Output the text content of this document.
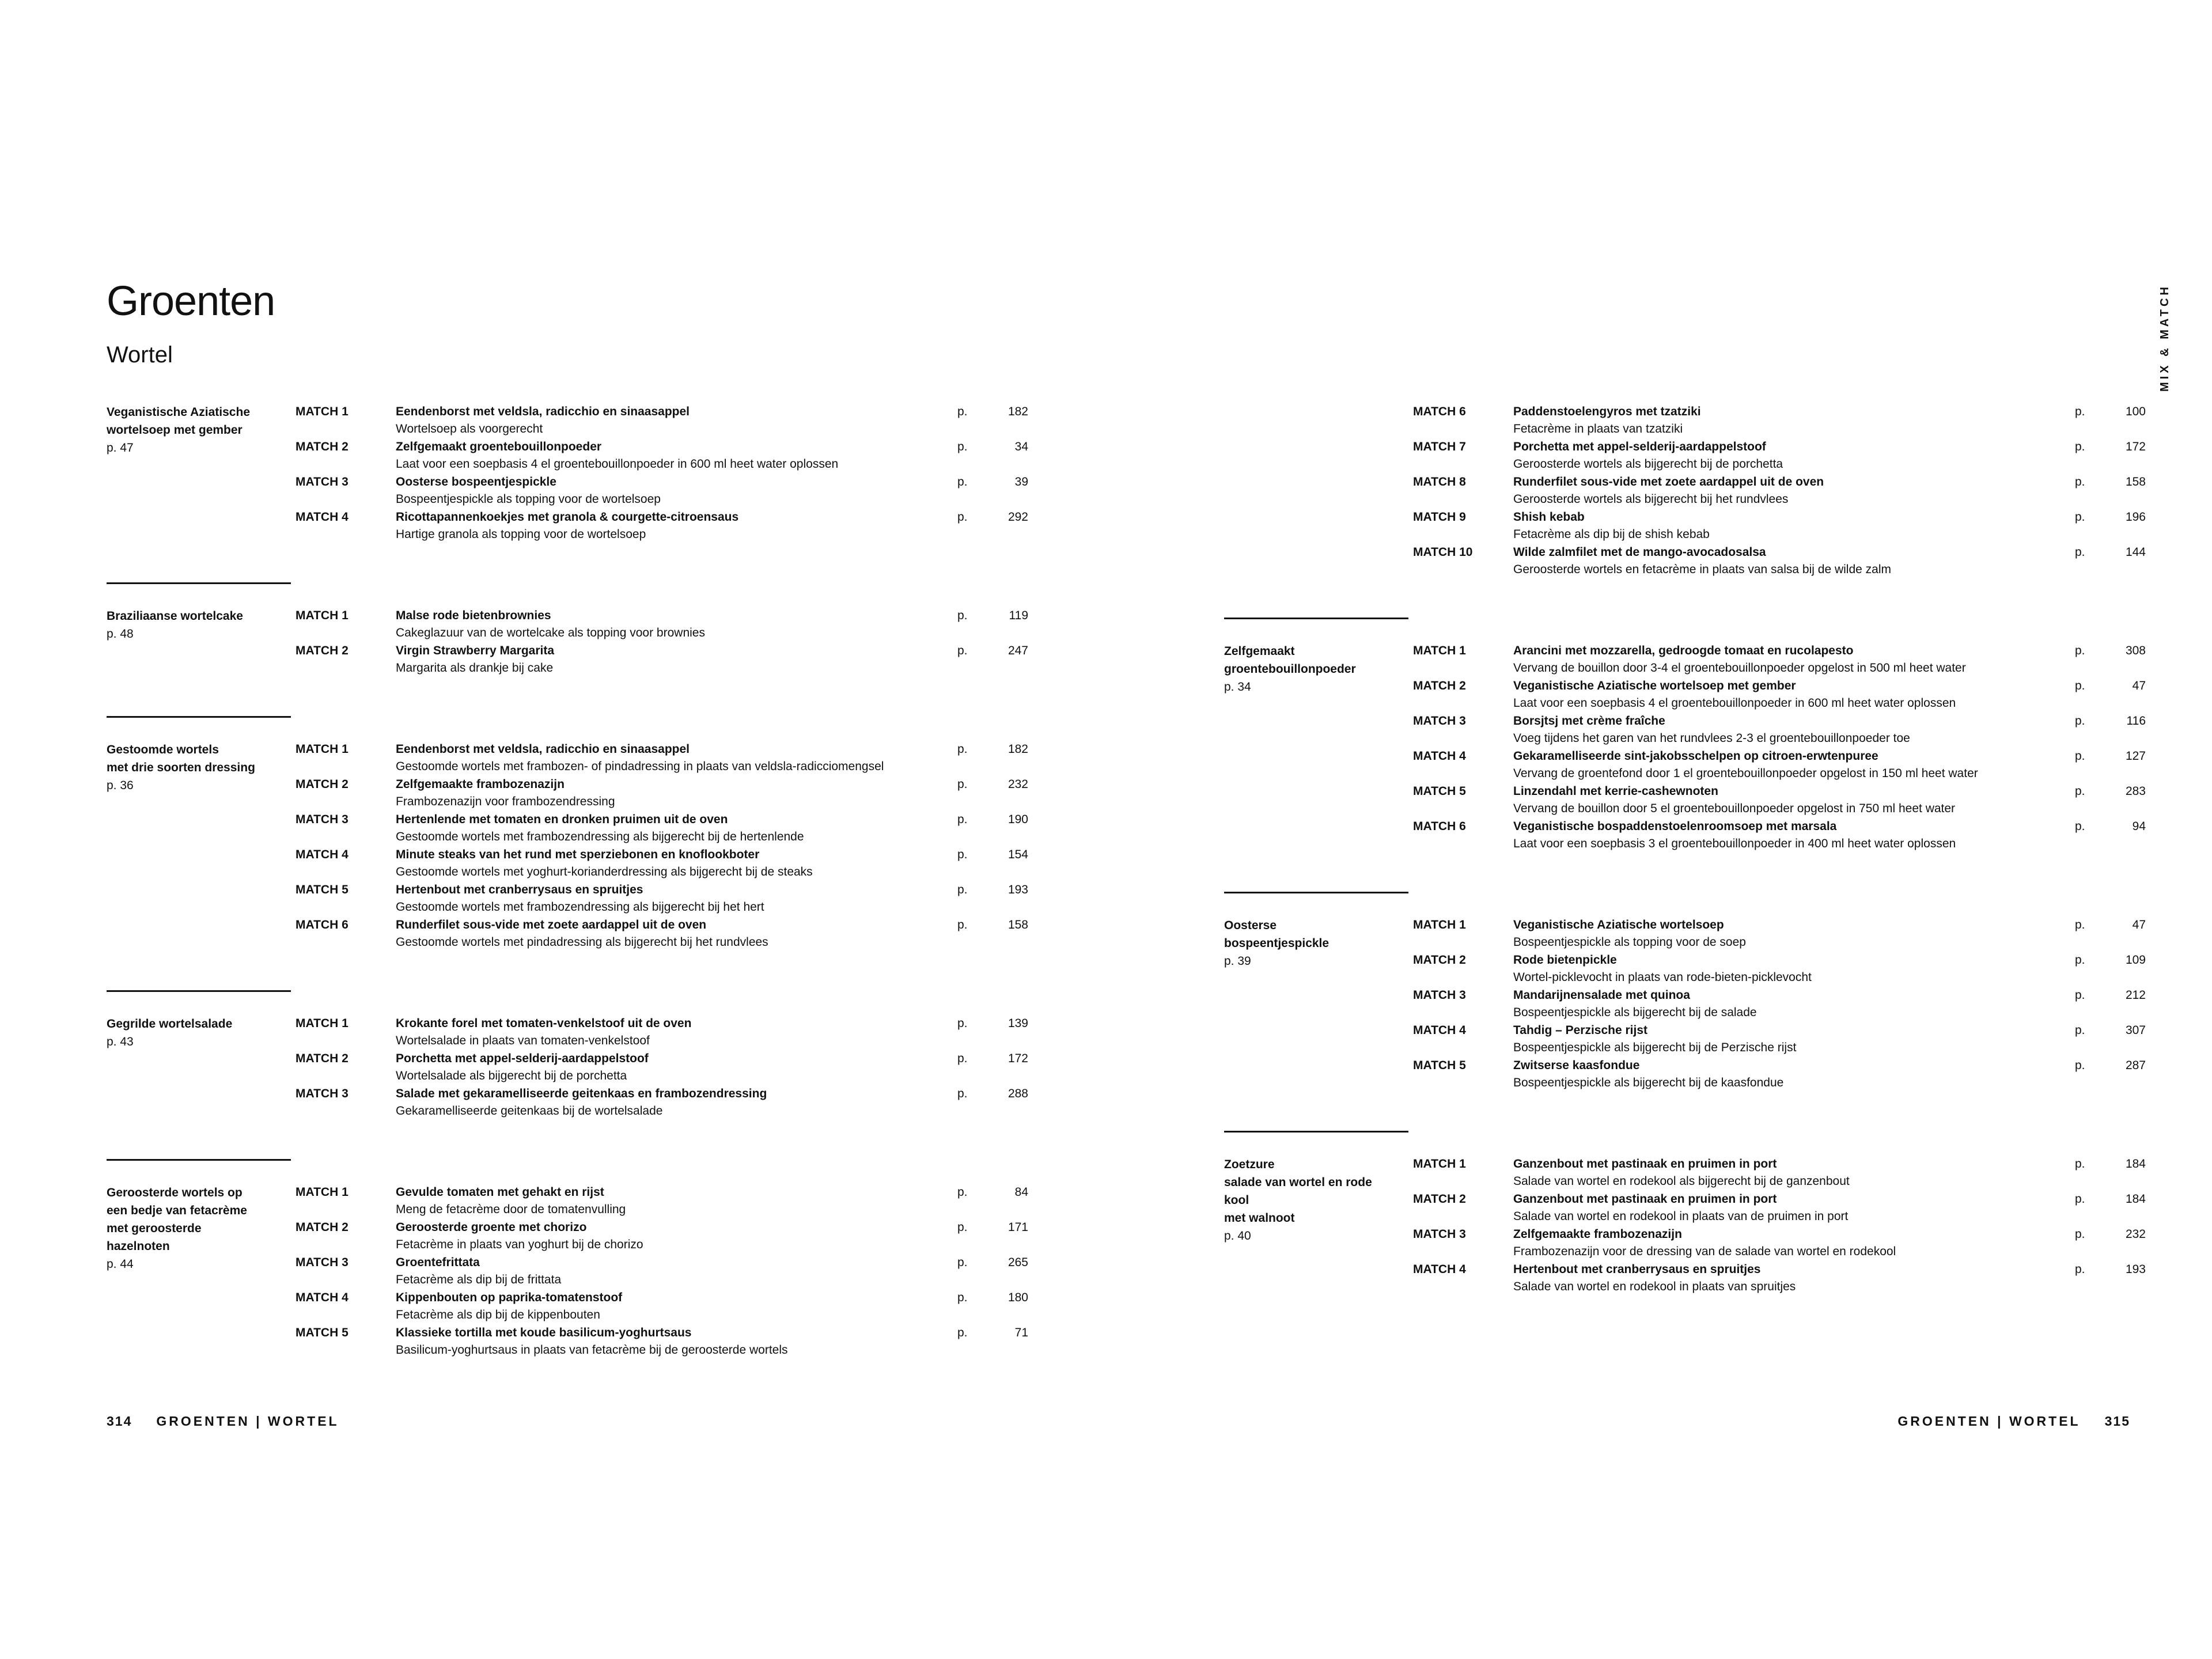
Groenten
Wortel	MIX & MATCH
Veganistische Aziatische
wortelsoep met gember
p. 47
MATCH 1	Eendenborst met veldsla, radicchio en sinaasappel
Wortelsoep als voorgerecht
p.	182
MATCH 2	Zelfgemaakt groentebouillonpoeder
Laat voor een soepbasis 4 el groentebouillonpoeder in 600 ml heet water oplossen
p.	34
MATCH 3	Oosterse bospeentjespickle
Bospeentjespickle als topping voor de wortelsoep
p.	39
MATCH 4	Ricottapannenkoekjes met granola & courgette-citroensaus
Hartige granola als topping voor de wortelsoep
p.	292
Braziliaanse wortelcake
p. 48
MATCH 1	Malse rode bietenbrownies
Cakeglazuur van de wortelcake als topping voor brownies
p.	119
MATCH 2	Virgin Strawberry Margarita
Margarita als drankje bij cake
p.	247
Gestoomde wortels
met drie soorten dressing
p. 36
MATCH 1	Eendenborst met veldsla, radicchio en sinaasappel
Gestoomde wortels met frambozen- of pindadressing in plaats van veldsla-radicciomengsel
p.	182
MATCH 2	Zelfgemaakte frambozenazijn
Frambozenazijn voor frambozendressing
p.	232
MATCH 3	Hertenlende met tomaten en dronken pruimen uit de oven
Gestoomde wortels met frambozendressing als bijgerecht bij de hertenlende
p.	190
MATCH 4	Minute steaks van het rund met sperziebonen en knoflookboter
Gestoomde wortels met yoghurt-korianderdressing als bijgerecht bij de steaks
p.	154
MATCH 5	Hertenbout met cranberrysaus en spruitjes
Gestoomde wortels met frambozendressing als bijgerecht bij het hert
p.	193
MATCH 6	Runderfilet sous-vide met zoete aardappel uit de oven
Gestoomde wortels met pindadressing als bijgerecht bij het rundvlees
p.	158
Gegrilde wortelsalade
p. 43
MATCH 1	Krokante forel met tomaten-venkelstoof uit de oven
Wortelsalade in plaats van tomaten-venkelstoof
p.	139
MATCH 2	Porchetta met appel-selderij-aardappelstoof
Wortelsalade als bijgerecht bij de porchetta
p.	172
MATCH 3	Salade met gekaramelliseerde geitenkaas en frambozendressing
Gekaramelliseerde geitenkaas bij de wortelsalade
p.	288
Geroosterde wortels op
een bedje van fetacrème
met geroosterde
hazelnoten
p. 44
MATCH 1	Gevulde tomaten met gehakt en rijst
Meng de fetacrème door de tomatenvulling
p.	84
MATCH 2	Geroosterde groente met chorizo
Fetacrème in plaats van yoghurt bij de chorizo
p.	171
MATCH 3	Groentefrittata
Fetacrème als dip bij de frittata
p.	265
MATCH 4	Kippenbouten op paprika-tomatenstoof
Fetacrème als dip bij de kippenbouten
p.	180
MATCH 5	Klassieke tortilla met koude basilicum-yoghurtsaus
Basilicum-yoghurtsaus in plaats van fetacrème bij de geroosterde wortels
p.	71
MATCH 6	Paddenstoelengyros met tzatziki
Fetacrème in plaats van tzatziki
p.	100
MATCH 7	Porchetta met appel-selderij-aardappelstoof
Geroosterde wortels als bijgerecht bij de porchetta
p.	172
MATCH 8	Runderfilet sous-vide met zoete aardappel uit de oven
Geroosterde wortels als bijgerecht bij het rundvlees
p.	158
MATCH 9	Shish kebab
Fetacrème als dip bij de shish kebab
p.	196
MATCH 10	Wilde zalmfilet met de mango-avocadosalsa
Geroosterde wortels en fetacrème in plaats van salsa bij de wilde zalm
p.	144
Zelfgemaakt
groentebouillonpoeder
p. 34
MATCH 1	Arancini met mozzarella, gedroogde tomaat en rucolapesto
Vervang de bouillon door 3-4 el groentebouillonpoeder opgelost in 500 ml heet water
p.	308
MATCH 2	Veganistische Aziatische wortelsoep met gember
Laat voor een soepbasis 4 el groentebouillonpoeder in 600 ml heet water oplossen
p.	47
MATCH 3	Borsjtsj met crème fraîche
Voeg tijdens het garen van het rundvlees 2-3 el groentebouillonpoeder toe
p.	116
MATCH 4	Gekaramelliseerde sint-jakobsschelpen op citroen-erwtenpuree
Vervang de groentefond door 1 el groentebouillonpoeder opgelost in 150 ml heet water
p.	127
MATCH 5	Linzendahl met kerrie-cashewnoten
Vervang de bouillon door 5 el groentebouillonpoeder opgelost in 750 ml heet water
p.	283
MATCH 6	Veganistische bospaddenstoelenroomsoep met marsala
Laat voor een soepbasis 3 el groentebouillonpoeder in 400 ml heet water oplossen
p.	94
Oosterse
bospeentjespickle
p. 39
MATCH 1	Veganistische Aziatische wortelsoep
Bospeentjespickle als topping voor de soep
p.	47
MATCH 2	Rode bietenpickle
Wortel-picklevocht in plaats van rode-bieten-picklevocht
p.	109
MATCH 3	Mandarijnensalade met quinoa
Bospeentjespickle als bijgerecht bij de salade
p.	212
MATCH 4	Tahdig – Perzische rijst
Bospeentjespickle als bijgerecht bij de Perzische rijst
p.	307
MATCH 5	Zwitserse kaasfondue
Bospeentjespickle als bijgerecht bij de kaasfondue
p.	287
Zoetzure
salade van wortel en rode
kool
met walnoot
p. 40
MATCH 1	Ganzenbout met pastinaak en pruimen in port
Salade van wortel en rodekool als bijgerecht bij de ganzenbout
p.	184
MATCH 2	Ganzenbout met pastinaak en pruimen in port
Salade van wortel en rodekool in plaats van de pruimen in port
p.	184
MATCH 3	Zelfgemaakte frambozenazijn
Frambozenazijn voor de dressing van de salade van wortel en rodekool
p.	232
MATCH 4	Hertenbout met cranberrysaus en spruitjes
Salade van wortel en rodekool in plaats van spruitjes
p.	193
314 GROENTEN | WORTEL	GROENTEN | WORTEL 315
